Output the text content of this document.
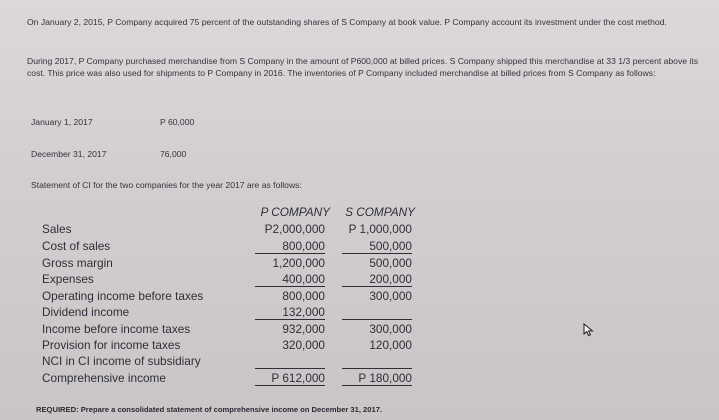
On January 2, 2015, P Company acquired 75 percent of the outstanding shares of S Company at book value. P Company account its investment under the cost method.
During 2017, P Company purchased merchandise from S Company in the amount of P600,000 at billed prices. S Company shipped this merchandise at 33 1/3 percent above its cost. This price was also used for shipments to P Company in 2016. The inventories of P Company included merchandise at billed prices from S Company as follows:
January 1, 2017	P 60,000
December 31, 2017	76,000
Statement of CI for the two companies for the year 2017 are as follows:
P COMPANY	S COMPANY
Sales	P2,000,000	P 1,000,000
Cost of sales	800,000	500,000
Gross margin	1,200,000	500,000
Expenses	400,000	200,000
Operating income before taxes	800,000	300,000
Dividend income	132,000
Income before income taxes	932,000	300,000
Provision for income taxes	320,000	120,000
NCI in CI income of subsidiary
Comprehensive income	P 612,000	P 180,000
REQUIRED: Prepare a consolidated statement of comprehensive income on December 31, 2017.
